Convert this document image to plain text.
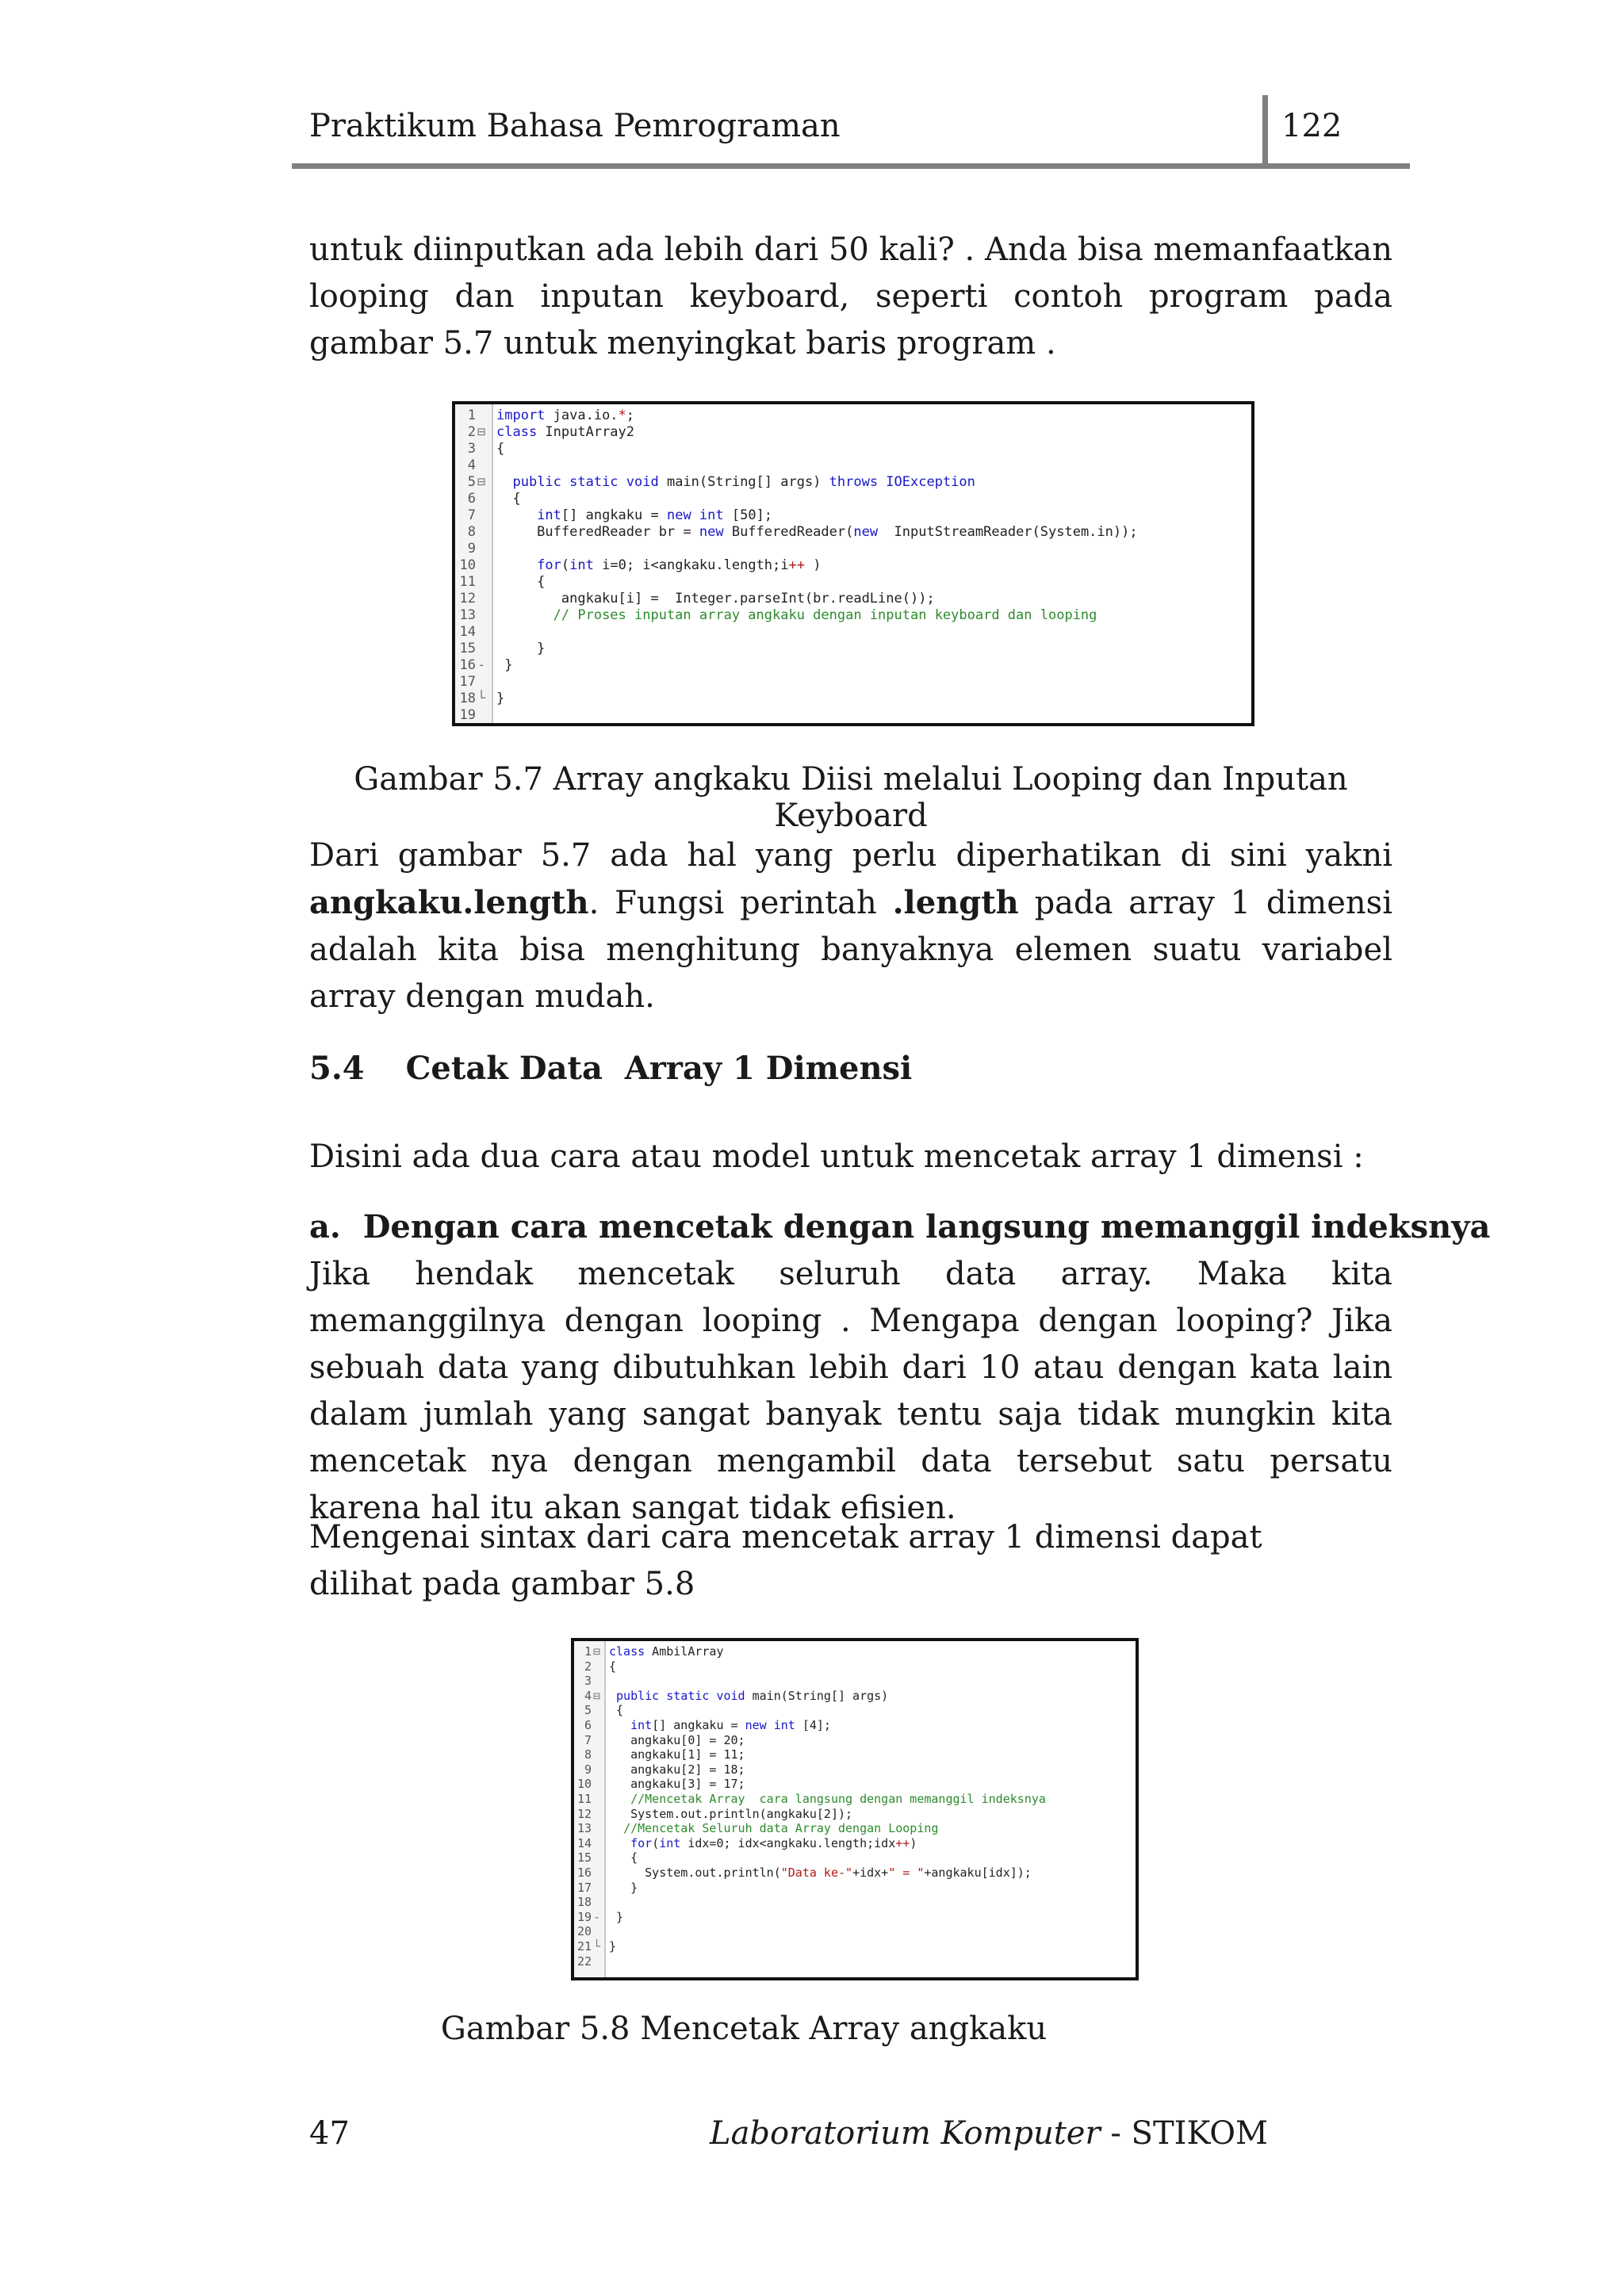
Praktikum Bahasa Pemrograman	122
untuk diinputkan ada lebih dari 50 kali? . Anda bisa memanfaatkan looping dan inputan keyboard, seperti contoh program pada gambar 5.7 untuk menyingkat baris program .
1 import java.io.*;
2 ⊟ class InputArray2
3 {
4
5 ⊟	public static void main(String[] args) throws IOException
6 {
7	int[] angkaku = new int [50];
8 BufferedReader br = new BufferedReader(new  InputStreamReader(System.in));
9
10	for(int i=0; i<angkaku.length;i++ )
11 {
12 angkaku[i] =  Integer.parseInt(br.readLine());
13	// Proses inputan array angkaku dengan inputan keyboard dan looping
14
15 }
16 - }
17
18 └ }
19
Gambar 5.7 Array angkaku Diisi melalui Looping dan Inputan Keyboard
Dari gambar 5.7 ada hal yang perlu diperhatikan di sini yakni angkaku.length. Fungsi perintah .length pada array 1 dimensi adalah kita bisa menghitung banyaknya elemen suatu variabel array dengan mudah.
5.4 Cetak Data  Array 1 Dimensi
Disini ada dua cara atau model untuk mencetak array 1 dimensi :
a.  Dengan cara mencetak dengan langsung memanggil indeksnya
Jika hendak mencetak seluruh data array. Maka kita memanggilnya dengan looping . Mengapa dengan looping? Jika sebuah data yang dibutuhkan lebih dari 10 atau dengan kata lain dalam jumlah yang sangat banyak tentu saja tidak mungkin kita mencetak nya dengan mengambil data tersebut satu persatu karena hal itu akan sangat tidak efisien.
Mengenai sintax dari cara mencetak array 1 dimensi dapat dilihat pada gambar 5.8
1 ⊟ class AmbilArray
2 {
3
4 ⊟	public static void main(String[] args)
5 {
6	int[] angkaku = new int [4];
7 angkaku[0] = 20;
8 angkaku[1] = 11;
9 angkaku[2] = 18;
10 angkaku[3] = 17;
11	//Mencetak Array  cara langsung dengan memanggil indeksnya
12 System.out.println(angkaku[2]);
13	//Mencetak Seluruh data Array dengan Looping
14	for(int idx=0; idx<angkaku.length;idx++)
15 {
16 System.out.println("Data ke-"+idx+" = "+angkaku[idx]);
17 }
18
19 - }
20
21 └ }
22
Gambar 5.8 Mencetak Array angkaku
47	Laboratorium Komputer - STIKOM
